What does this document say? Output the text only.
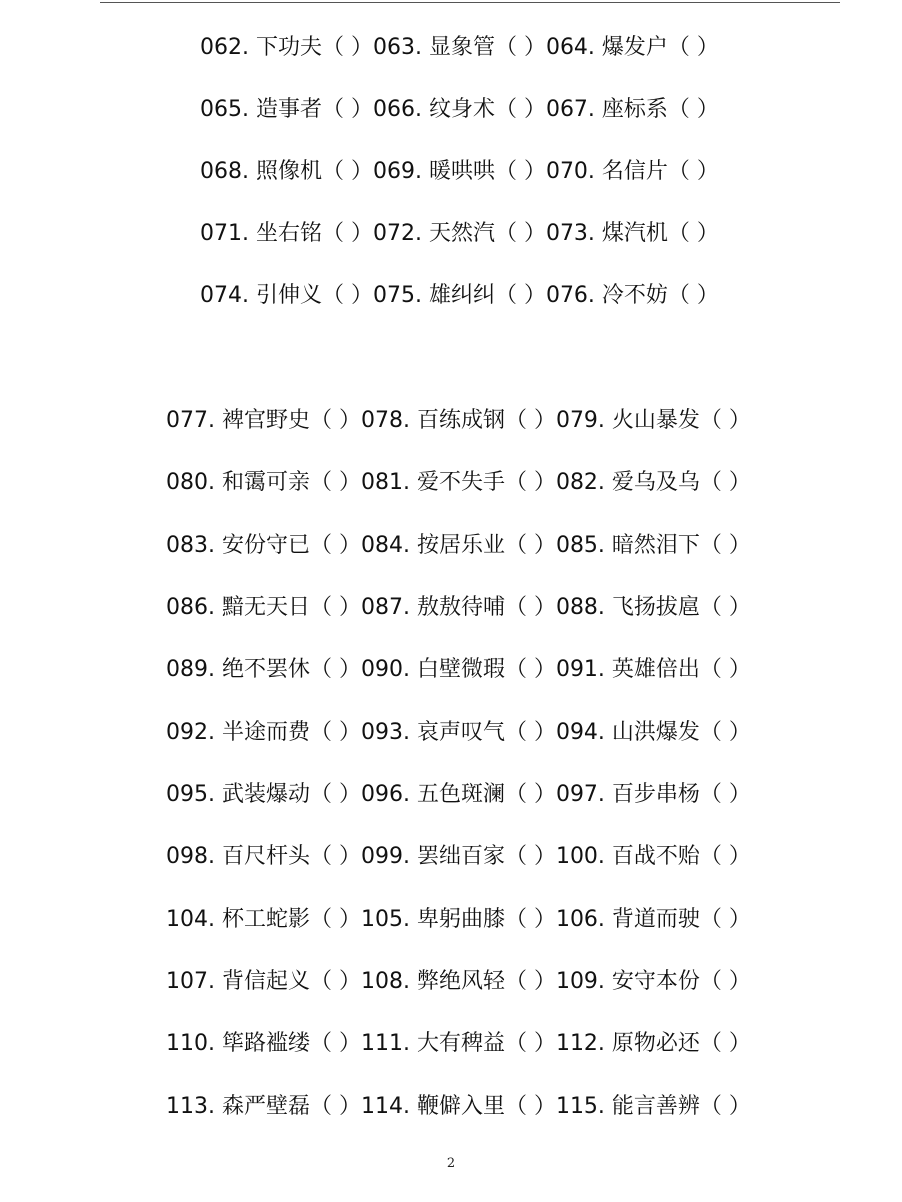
062. 下功夫（ ）063. 显象管（ ）064. 爆发户（ ）
065. 造事者（ ）066. 纹身术（ ）067. 座标系（ ）
068. 照像机（ ）069. 暖哄哄（ ）070. 名信片（ ）
071. 坐右铭（ ）072. 天然汽（ ）073. 煤汽机（ ）
074. 引伸义（ ）075. 雄纠纠（ ）076. 冷不妨（ ）
077. 裨官野史（ ）078. 百练成钢（ ）079. 火山暴发（ ）
080. 和霭可亲（ ）081. 爱不失手（ ）082. 爱乌及乌（ ）
083. 安份守已（ ）084. 按居乐业（ ）085. 暗然泪下（ ）
086. 黯无天日（ ）087. 敖敖待哺（ ）088. 飞扬拔扈（ ）
089. 绝不罢休（ ）090. 白壁微瑕（ ）091. 英雄倍出（ ）
092. 半途而费（ ）093. 哀声叹气（ ）094. 山洪爆发（ ）
095. 武装爆动（ ）096. 五色斑澜（ ）097. 百步串杨（ ）
098. 百尺杆头（ ）099. 罢绌百家（ ）100. 百战不贻（ ）
104. 杯工蛇影（ ）105. 卑躬曲膝（ ）106. 背道而驶（ ）
107. 背信起义（ ）108. 弊绝风轻（ ）109. 安守本份（ ）
110. 筚路褴缕（ ）111. 大有稗益（ ）112. 原物必还（ ）
113. 森严壁磊（ ）114. 鞭僻入里（ ）115. 能言善辨（ ）
2
